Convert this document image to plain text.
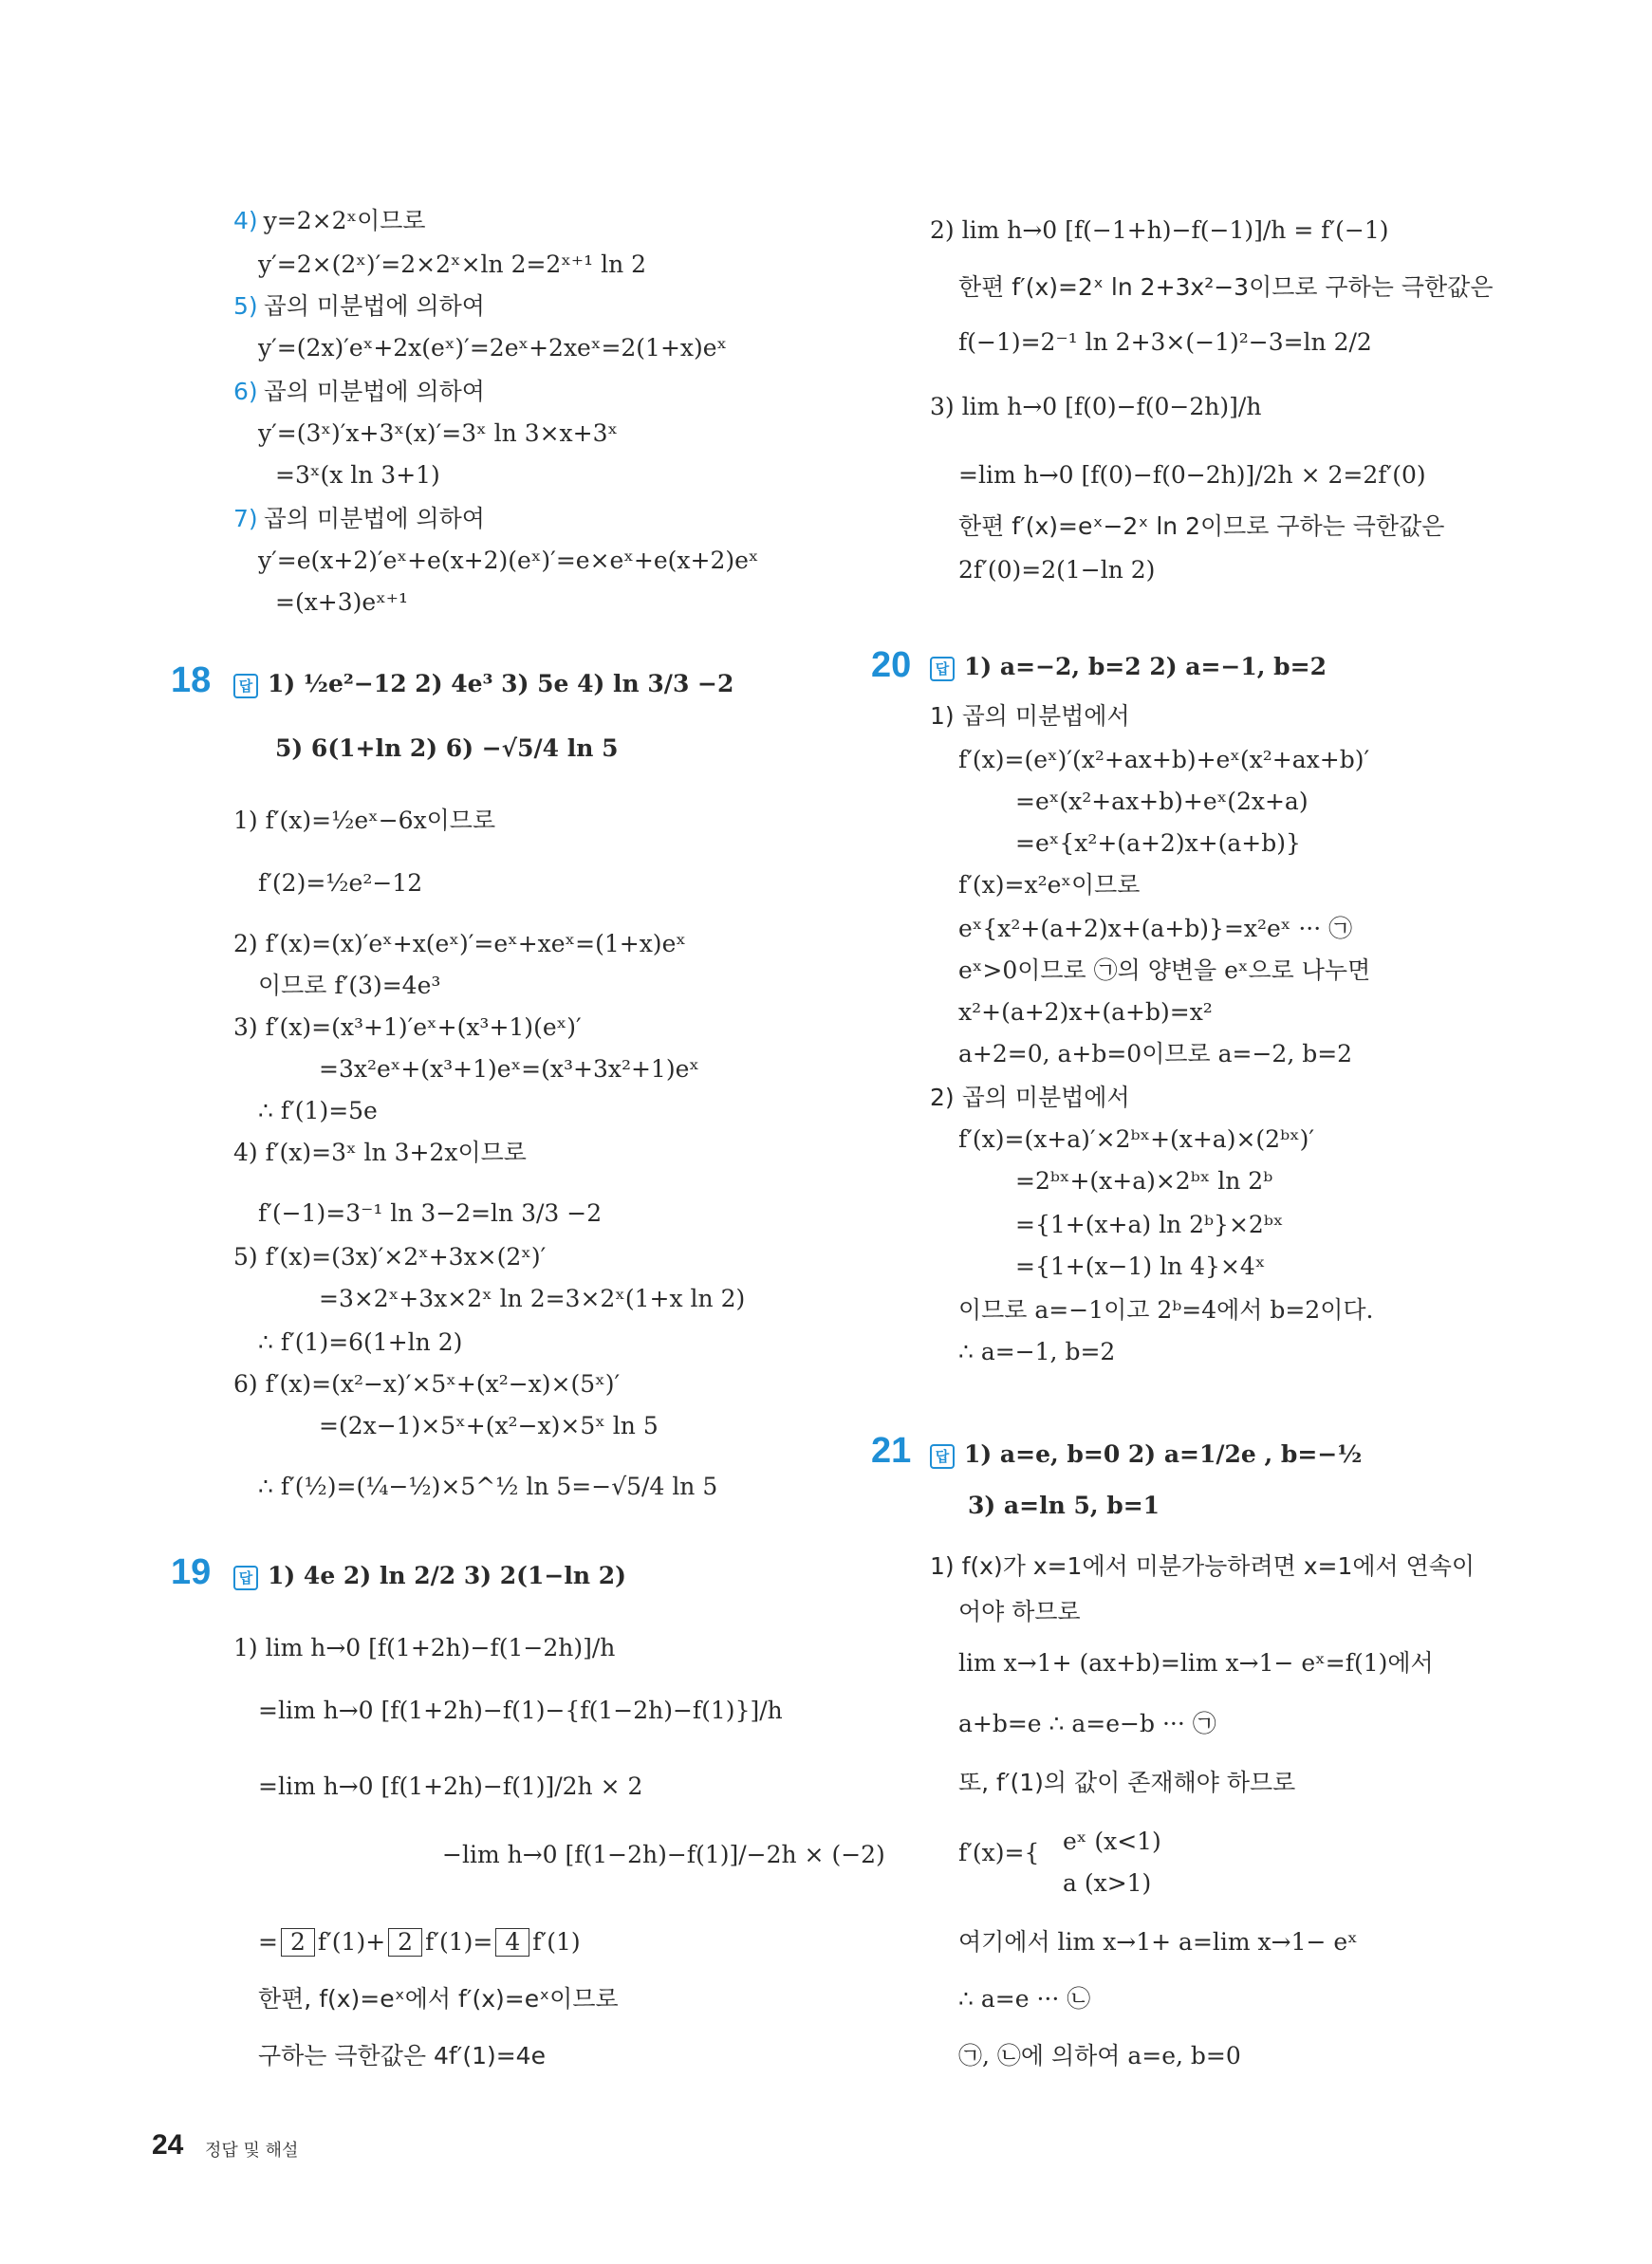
4) y=2×2ˣ이므로
y′=2×(2ˣ)′=2×2ˣ×ln 2=2ˣ⁺¹ ln 2
5) 곱의 미분법에 의하여
y′=(2x)′eˣ+2x(eˣ)′=2eˣ+2xeˣ=2(1+x)eˣ
6) 곱의 미분법에 의하여
y′=(3ˣ)′x+3ˣ(x)′=3ˣ ln 3×x+3ˣ
=3ˣ(x ln 3+1)
7) 곱의 미분법에 의하여
y′=e(x+2)′eˣ+e(x+2)(eˣ)′=e×eˣ+e(x+2)eˣ
=(x+3)eˣ⁺¹
18	답 1) ½e²−12 2) 4e³ 3) 5e 4) ln 3/3 −2
5) 6(1+ln 2) 6) −√5/4 ln 5
1) f′(x)=½eˣ−6x이므로
f′(2)=½e²−12
2) f′(x)=(x)′eˣ+x(eˣ)′=eˣ+xeˣ=(1+x)eˣ
이므로 f′(3)=4e³
3) f′(x)=(x³+1)′eˣ+(x³+1)(eˣ)′
=3x²eˣ+(x³+1)eˣ=(x³+3x²+1)eˣ
∴ f′(1)=5e
4) f′(x)=3ˣ ln 3+2x이므로
f′(−1)=3⁻¹ ln 3−2=ln 3/3 −2
5) f′(x)=(3x)′×2ˣ+3x×(2ˣ)′
=3×2ˣ+3x×2ˣ ln 2=3×2ˣ(1+x ln 2)
∴ f′(1)=6(1+ln 2)
6) f′(x)=(x²−x)′×5ˣ+(x²−x)×(5ˣ)′
=(2x−1)×5ˣ+(x²−x)×5ˣ ln 5
∴ f′(½)=(¼−½)×5^½ ln 5=−√5/4 ln 5
19	답 1) 4e 2) ln 2/2 3) 2(1−ln 2)
1) lim h→0 [f(1+2h)−f(1−2h)]/h
=lim h→0 [f(1+2h)−f(1)−{f(1−2h)−f(1)}]/h
=lim h→0 [f(1+2h)−f(1)]/2h × 2
−lim h→0 [f(1−2h)−f(1)]/−2h × (−2)
= 2 f′(1)+ 2 f′(1)= 4 f′(1)
한편, f(x)=eˣ에서 f′(x)=eˣ이므로
구하는 극한값은 4f′(1)=4e
2) lim h→0 [f(−1+h)−f(−1)]/h = f′(−1)
한편 f′(x)=2ˣ ln 2+3x²−3이므로 구하는 극한값은
f(−1)=2⁻¹ ln 2+3×(−1)²−3=ln 2/2
3) lim h→0 [f(0)−f(0−2h)]/h
=lim h→0 [f(0)−f(0−2h)]/2h × 2=2f′(0)
한편 f′(x)=eˣ−2ˣ ln 2이므로 구하는 극한값은
2f′(0)=2(1−ln 2)
20	답 1) a=−2, b=2 2) a=−1, b=2
1) 곱의 미분법에서
f′(x)=(eˣ)′(x²+ax+b)+eˣ(x²+ax+b)′
=eˣ(x²+ax+b)+eˣ(2x+a)
=eˣ{x²+(a+2)x+(a+b)}
f′(x)=x²eˣ이므로
eˣ{x²+(a+2)x+(a+b)}=x²eˣ ··· ㉠
eˣ>0이므로 ㉠의 양변을 eˣ으로 나누면
x²+(a+2)x+(a+b)=x²
a+2=0, a+b=0이므로 a=−2, b=2
2) 곱의 미분법에서
f′(x)=(x+a)′×2ᵇˣ+(x+a)×(2ᵇˣ)′
=2ᵇˣ+(x+a)×2ᵇˣ ln 2ᵇ
={1+(x+a) ln 2ᵇ}×2ᵇˣ
={1+(x−1) ln 4}×4ˣ
이므로 a=−1이고 2ᵇ=4에서 b=2이다.
∴ a=−1, b=2
21	답 1) a=e, b=0 2) a=1/2e , b=−½
3) a=ln 5, b=1
1) f(x)가 x=1에서 미분가능하려면 x=1에서 연속이
어야 하므로
lim x→1+ (ax+b)=lim x→1− eˣ=f(1)에서
a+b=e ∴ a=e−b ··· ㉠
또, f′(1)의 값이 존재해야 하므로
f′(x)={ eˣ (x<1)
a (x>1)
여기에서 lim x→1+ a=lim x→1− eˣ
∴ a=e ··· ㉡
㉠, ㉡에 의하여 a=e, b=0
24 정답 및 해설
